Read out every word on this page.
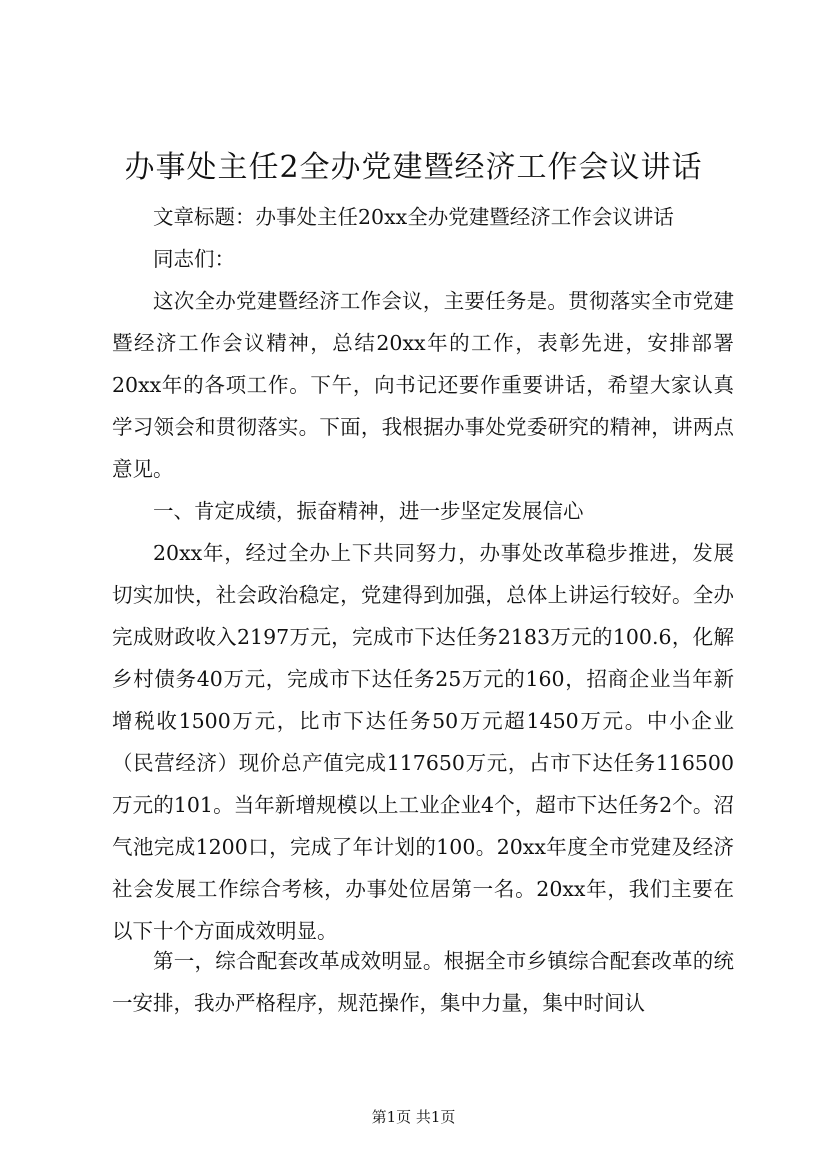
办事处主任2全办党建暨经济工作会议讲话
文章标题：办事处主任20xx全办党建暨经济工作会议讲话
同志们：

这次全办党建暨经济工作会议，主要任务是。贯彻落实全市党建暨经济工作会议精神，总结20xx年的工作，表彰先进，安排部署20xx年的各项工作。下午，向书记还要作重要讲话，希望大家认真学习领会和贯彻落实。下面，我根据办事处党委研究的精神，讲两点意见。

一、肯定成绩，振奋精神，进一步坚定发展信心

20xx年，经过全办上下共同努力，办事处改革稳步推进，发展切实加快，社会政治稳定，党建得到加强，总体上讲运行较好。全办完成财政收入2197万元，完成市下达任务2183万元的100.6，化解乡村债务40万元，完成市下达任务25万元的160，招商企业当年新增税收1500万元，比市下达任务50万元超1450万元。中小企业（民营经济）现价总产值完成117650万元，占市下达任务116500万元的101。当年新增规模以上工业企业4个，超市下达任务2个。沼气池完成1200口，完成了年计划的100。20xx年度全市党建及经济社会发展工作综合考核，办事处位居第一名。20xx年，我们主要在以下十个方面成效明显。

第一，综合配套改革成效明显。根据全市乡镇综合配套改革的统一安排，我办严格程序，规范操作，集中力量，集中时间认

第1页 共1页
